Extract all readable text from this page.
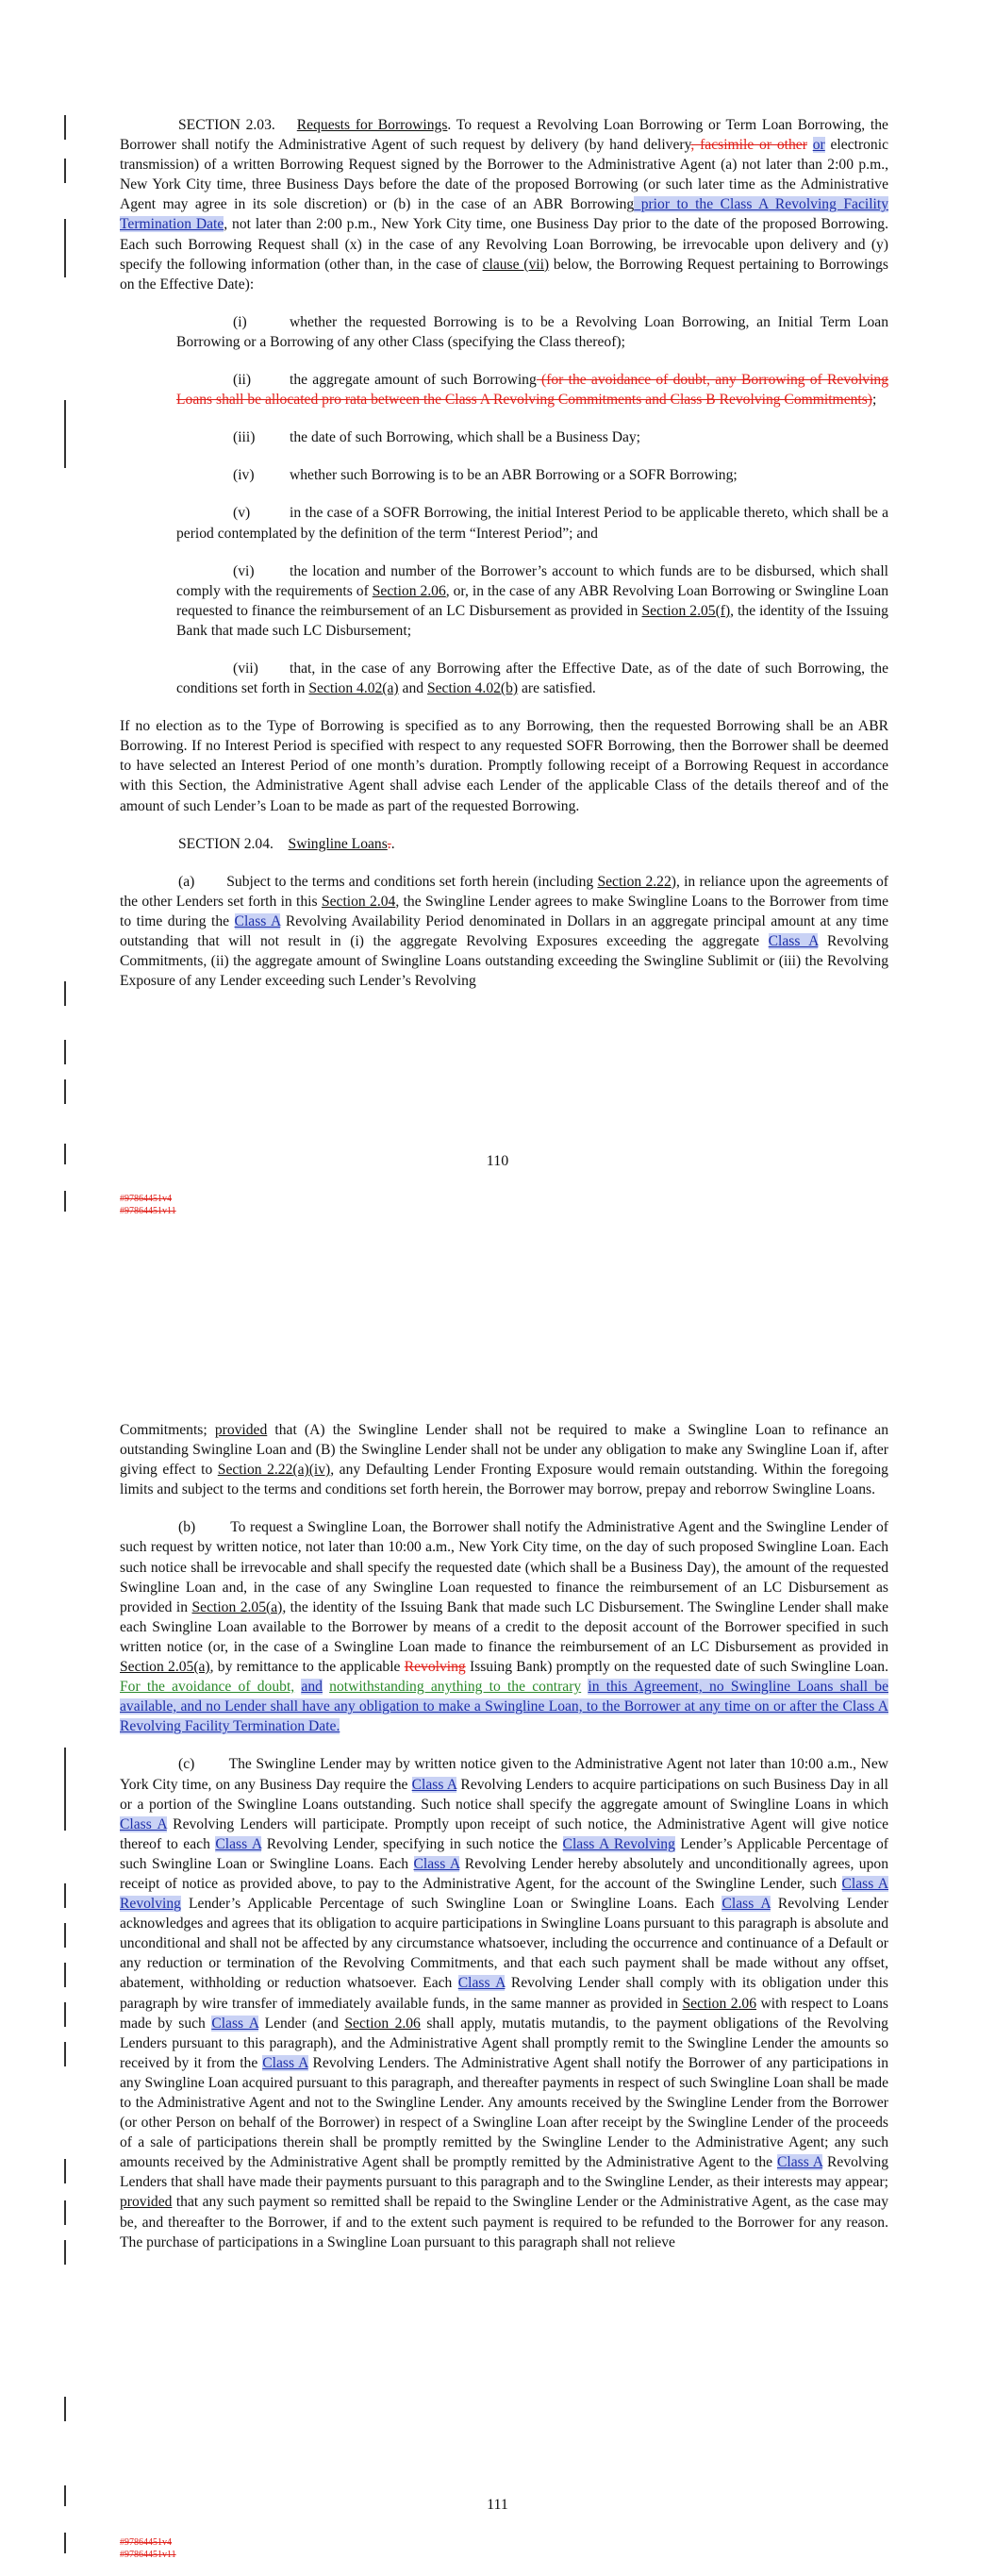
SECTION 2.03. Requests for Borrowings. To request a Revolving Loan Borrowing or Term Loan Borrowing, the Borrower shall notify the Administrative Agent of such request by delivery (by hand delivery, facsimile or other or electronic transmission) of a written Borrowing Request signed by the Borrower to the Administrative Agent (a) not later than 2:00 p.m., New York City time, three Business Days before the date of the proposed Borrowing (or such later time as the Administrative Agent may agree in its sole discretion) or (b) in the case of an ABR Borrowing prior to the Class A Revolving Facility Termination Date, not later than 2:00 p.m., New York City time, one Business Day prior to the date of the proposed Borrowing. Each such Borrowing Request shall (x) in the case of any Revolving Loan Borrowing, be irrevocable upon delivery and (y) specify the following information (other than, in the case of clause (vii) below, the Borrowing Request pertaining to Borrowings on the Effective Date):

(i)	whether the requested Borrowing is to be a Revolving Loan Borrowing, an Initial Term Loan Borrowing or a Borrowing of any other Class (specifying the Class thereof);

(ii)	the aggregate amount of such Borrowing (for the avoidance of doubt, any Borrowing of Revolving Loans shall be allocated pro rata between the Class A Revolving Commitments and Class B Revolving Commitments);

(iii) the date of such Borrowing, which shall be a Business Day;

(iv) whether such Borrowing is to be an ABR Borrowing or a SOFR Borrowing;

(v)	in the case of a SOFR Borrowing, the initial Interest Period to be applicable thereto, which shall be a period contemplated by the definition of the term “Interest Period”; and

(vi) the location and number of the Borrower’s account to which funds are to be disbursed, which shall comply with the requirements of Section 2.06, or, in the case of any ABR Revolving Loan Borrowing or Swingline Loan requested to finance the reimbursement of an LC Disbursement as provided in Section 2.05(f), the identity of the Issuing Bank that made such LC Disbursement;

(vii) that, in the case of any Borrowing after the Effective Date, as of the date of such Borrowing, the conditions set forth in Section 4.02(a) and Section 4.02(b) are satisfied.

If no election as to the Type of Borrowing is specified as to any Borrowing, then the requested Borrowing shall be an ABR Borrowing. If no Interest Period is specified with respect to any requested SOFR Borrowing, then the Borrower shall be deemed to have selected an Interest Period of one month’s duration. Promptly following receipt of a Borrowing Request in accordance with this Section, the Administrative Agent shall advise each Lender of the applicable Class of the details thereof and of the amount of such Lender’s Loan to be made as part of the requested Borrowing.

SECTION 2.04. Swingline Loans..

(a) Subject to the terms and conditions set forth herein (including Section 2.22), in reliance upon the agreements of the other Lenders set forth in this Section 2.04, the Swingline Lender agrees to make Swingline Loans to the Borrower from time to time during the Class A Revolving Availability Period denominated in Dollars in an aggregate principal amount at any time outstanding that will not result in (i) the aggregate Revolving Exposures exceeding the aggregate Class A Revolving Commitments, (ii) the aggregate amount of Swingline Loans outstanding exceeding the Swingline Sublimit or (iii) the Revolving Exposure of any Lender exceeding such Lender’s Revolving

110
#97864451v4
#97864451v11

Commitments; provided that (A) the Swingline Lender shall not be required to make a Swingline Loan to refinance an outstanding Swingline Loan and (B) the Swingline Lender shall not be under any obligation to make any Swingline Loan if, after giving effect to Section 2.22(a)(iv), any Defaulting Lender Fronting Exposure would remain outstanding. Within the foregoing limits and subject to the terms and conditions set forth herein, the Borrower may borrow, prepay and reborrow Swingline Loans.

(b) To request a Swingline Loan, the Borrower shall notify the Administrative Agent and the Swingline Lender of such request by written notice, not later than 10:00 a.m., New York City time, on the day of such proposed Swingline Loan. Each such notice shall be irrevocable and shall specify the requested date (which shall be a Business Day), the amount of the requested Swingline Loan and, in the case of any Swingline Loan requested to finance the reimbursement of an LC Disbursement as provided in Section 2.05(a), the identity of the Issuing Bank that made such LC Disbursement. The Swingline Lender shall make each Swingline Loan available to the Borrower by means of a credit to the deposit account of the Borrower specified in such written notice (or, in the case of a Swingline Loan made to finance the reimbursement of an LC Disbursement as provided in Section 2.05(a), by remittance to the applicable Revolving Issuing Bank) promptly on the requested date of such Swingline Loan. For the avoidance of doubt, and notwithstanding anything to the contrary in this Agreement, no Swingline Loans shall be available, and no Lender shall have any obligation to make a Swingline Loan, to the Borrower at any time on or after the Class A Revolving Facility Termination Date.

(c) The Swingline Lender may by written notice given to the Administrative Agent not later than 10:00 a.m., New York City time, on any Business Day require the Class A Revolving Lenders to acquire participations on such Business Day in all or a portion of the Swingline Loans outstanding. Such notice shall specify the aggregate amount of Swingline Loans in which Class A Revolving Lenders will participate. Promptly upon receipt of such notice, the Administrative Agent will give notice thereof to each Class A Revolving Lender, specifying in such notice the Class A Revolving Lender’s Applicable Percentage of such Swingline Loan or Swingline Loans. Each Class A Revolving Lender hereby absolutely and unconditionally agrees, upon receipt of notice as provided above, to pay to the Administrative Agent, for the account of the Swingline Lender, such Class A Revolving Lender’s Applicable Percentage of such Swingline Loan or Swingline Loans. Each Class A Revolving Lender acknowledges and agrees that its obligation to acquire participations in Swingline Loans pursuant to this paragraph is absolute and unconditional and shall not be affected by any circumstance whatsoever, including the occurrence and continuance of a Default or any reduction or termination of the Revolving Commitments, and that each such payment shall be made without any offset, abatement, withholding or reduction whatsoever. Each Class A Revolving Lender shall comply with its obligation under this paragraph by wire transfer of immediately available funds, in the same manner as provided in Section 2.06 with respect to Loans made by such Class A Lender (and Section 2.06 shall apply, mutatis mutandis, to the payment obligations of the Revolving Lenders pursuant to this paragraph), and the Administrative Agent shall promptly remit to the Swingline Lender the amounts so received by it from the Class A Revolving Lenders. The Administrative Agent shall notify the Borrower of any participations in any Swingline Loan acquired pursuant to this paragraph, and thereafter payments in respect of such Swingline Loan shall be made to the Administrative Agent and not to the Swingline Lender. Any amounts received by the Swingline Lender from the Borrower (or other Person on behalf of the Borrower) in respect of a Swingline Loan after receipt by the Swingline Lender of the proceeds of a sale of participations therein shall be promptly remitted by the Swingline Lender to the Administrative Agent; any such amounts received by the Administrative Agent shall be promptly remitted by the Administrative Agent to the Class A Revolving Lenders that shall have made their payments pursuant to this paragraph and to the Swingline Lender, as their interests may appear; provided that any such payment so remitted shall be repaid to the Swingline Lender or the Administrative Agent, as the case may be, and thereafter to the Borrower, if and to the extent such payment is required to be refunded to the Borrower for any reason. The purchase of participations in a Swingline Loan pursuant to this paragraph shall not relieve

111
#97864451v4
#97864451v11
